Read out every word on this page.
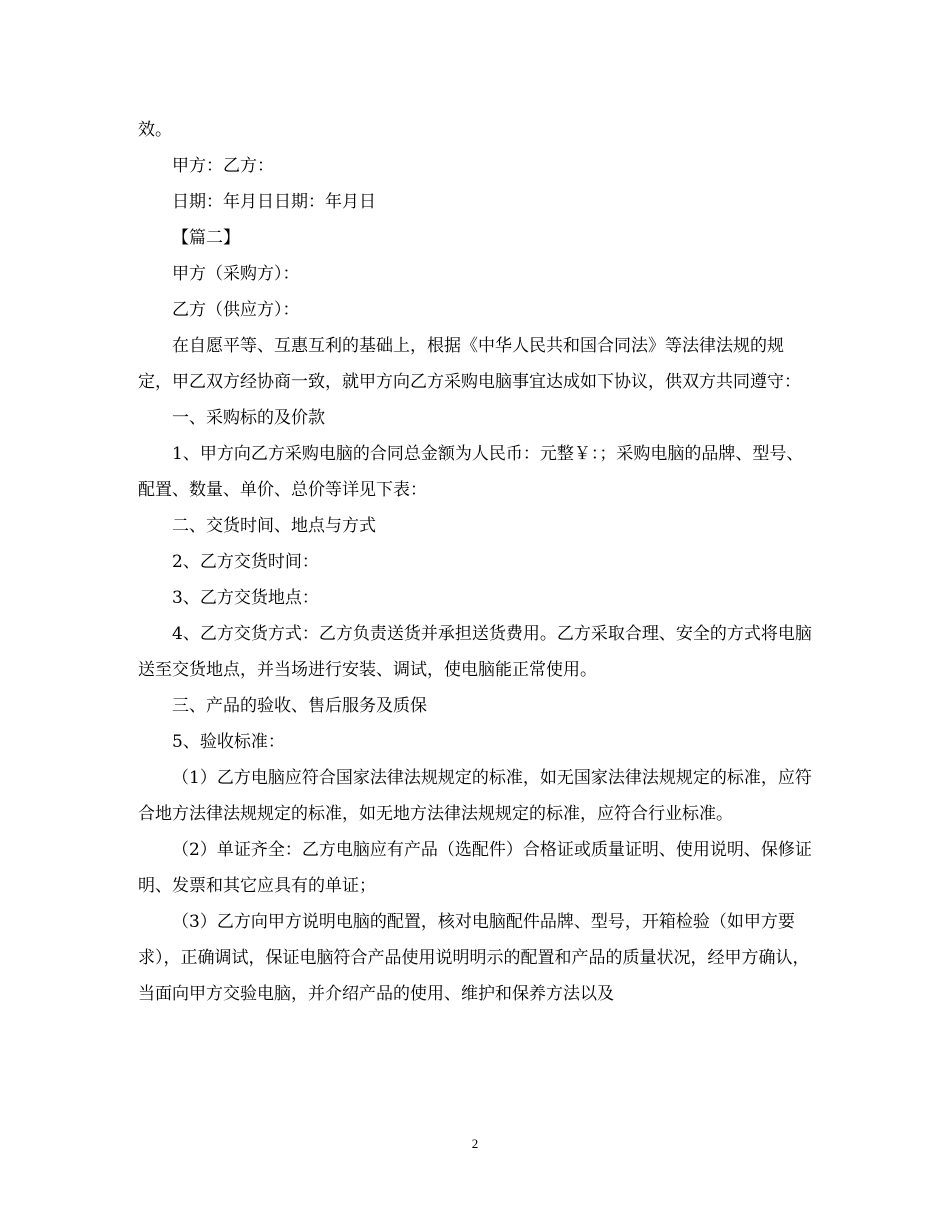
效。

甲方：乙方：

日期：年月日日期：年月日

【篇二】

甲方（采购方）：

乙方（供应方）：

在自愿平等、互惠互利的基础上，根据《中华人民共和国合同法》等法律法规的规定，甲乙双方经协商一致，就甲方向乙方采购电脑事宜达成如下协议，供双方共同遵守：

一、采购标的及价款

1、甲方向乙方采购电脑的合同总金额为人民币：元整￥：；采购电脑的品牌、型号、配置、数量、单价、总价等详见下表：

二、交货时间、地点与方式

2、乙方交货时间：

3、乙方交货地点：

4、乙方交货方式：乙方负责送货并承担送货费用。乙方采取合理、安全的方式将电脑送至交货地点，并当场进行安装、调试，使电脑能正常使用。

三、产品的验收、售后服务及质保

5、验收标准：

（1）乙方电脑应符合国家法律法规规定的标准，如无国家法律法规规定的标准，应符合地方法律法规规定的标准，如无地方法律法规规定的标准，应符合行业标准。

（2）单证齐全：乙方电脑应有产品（选配件）合格证或质量证明、使用说明、保修证明、发票和其它应具有的单证；

（3）乙方向甲方说明电脑的配置，核对电脑配件品牌、型号，开箱检验（如甲方要求），正确调试，保证电脑符合产品使用说明明示的配置和产品的质量状况，经甲方确认，当面向甲方交验电脑，并介绍产品的使用、维护和保养方法以及

2
